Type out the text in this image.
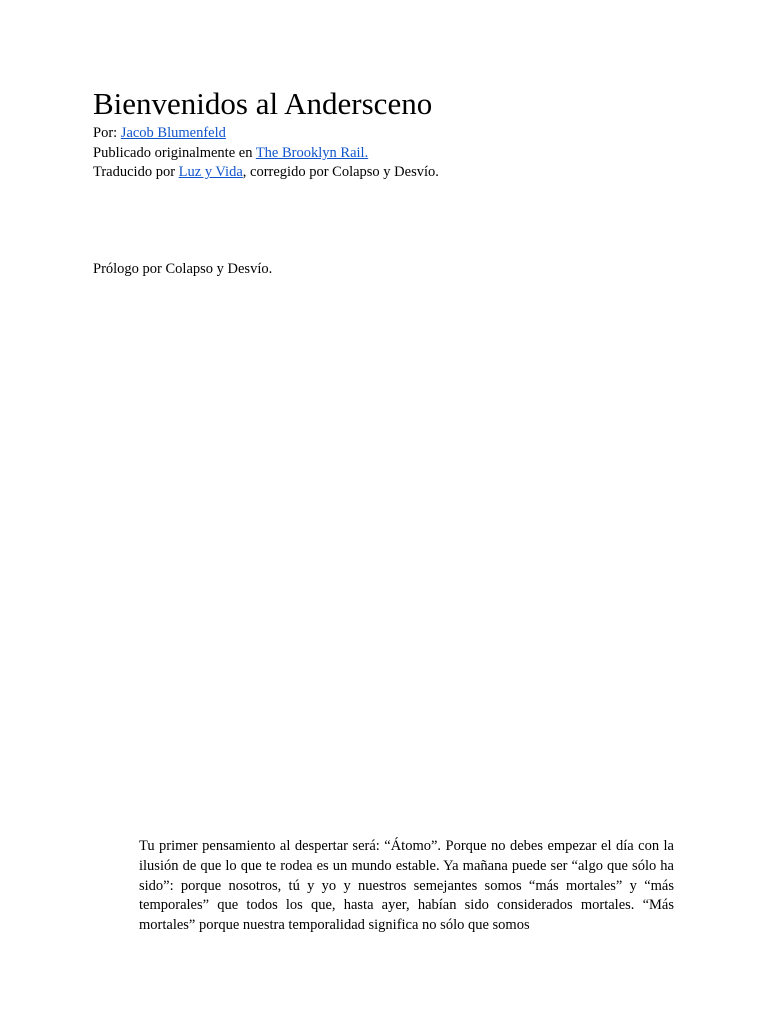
Bienvenidos al Andersceno
Por: Jacob Blumenfeld
Publicado originalmente en The Brooklyn Rail.
Traducido por Luz y Vida, corregido por Colapso y Desvío.
Prólogo por Colapso y Desvío.

Tu primer pensamiento al despertar será: “Átomo”. Porque no debes empezar el día con la ilusión de que lo que te rodea es un mundo estable. Ya mañana puede ser “algo que sólo ha sido”: porque nosotros, tú y yo y nuestros semejantes somos “más mortales” y “más temporales” que todos los que, hasta ayer, habían sido considerados mortales. “Más mortales” porque nuestra temporalidad significa no sólo que somos
